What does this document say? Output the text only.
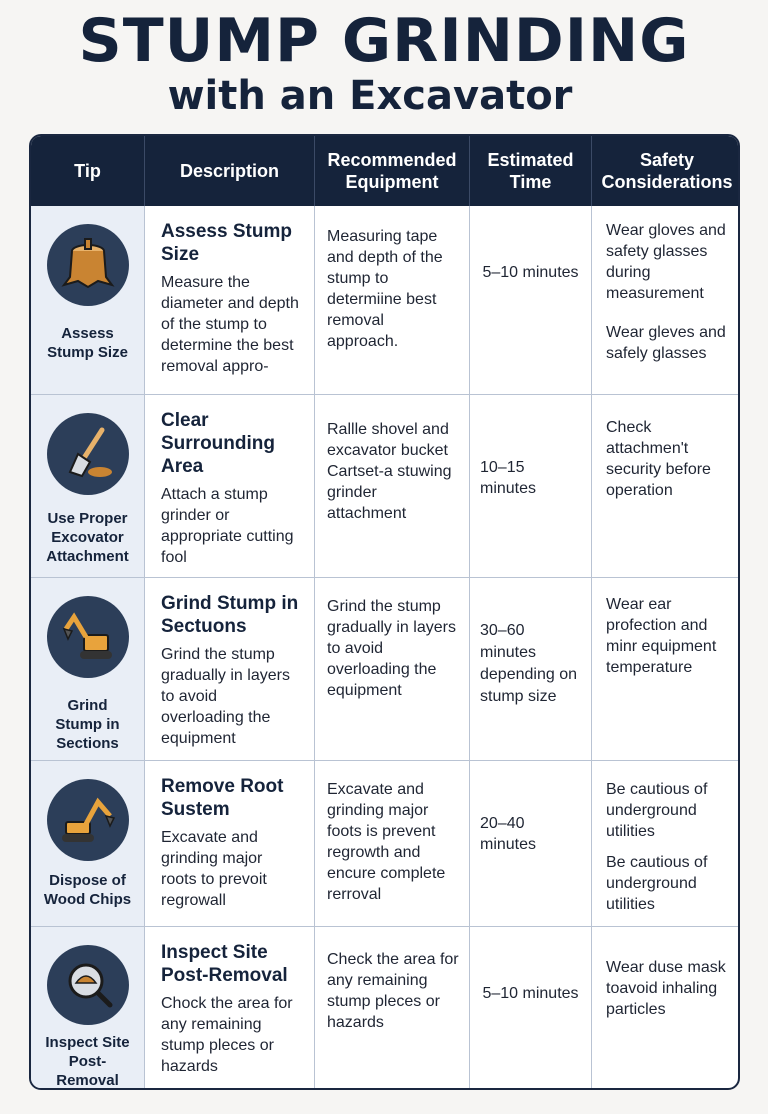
STUMP GRINDING
with an Excavator
Tip	Description
Recommended Equipment
Estimated Time
Safety Considerations
Assess Stump Size
Assess Stump Size
Measure the diameter and depth of the stump to determine the best removal appro-
Measuring tape and depth of the stump to determiine best removal approach.
5–10 minutes

Wear gloves and safety glasses during measurement

Wear gleves and safely glasses

Use Proper Excovator Attachment
Clear Surrounding Area
Attach a stump grinder or appropriate cutting fool
Rallle shovel and excavator bucket Cartset-a stuwing grinder attachment
10–15 minutes

Check attachmen't security before operation

Grind Stump in Sections
Grind Stump in Sectuons
Grind the stump gradually in layers to avoid overloading the equipment
Grind the stump gradually in layers to avoid overloading the equipment
30–60 minutes depending on stump size

Wear ear profection and minr equipment temperature

Dispose of Wood Chips
Remove Root Sustem
Excavate and grinding major roots to prevoit regrowall
Excavate and grinding major foots is prevent regrowth and encure complete rerroval
20–40 minutes

Be cautious of underground utilities

Be cautious of underground utilities

Inspect Site Post-Removal
Inspect Site Post-Removal
Chock the area for any remaining stump pleces or hazards
Check the area for any remaining stump pleces or hazards
5–10 minutes

Wear duse mask toavoid inhaling particles
